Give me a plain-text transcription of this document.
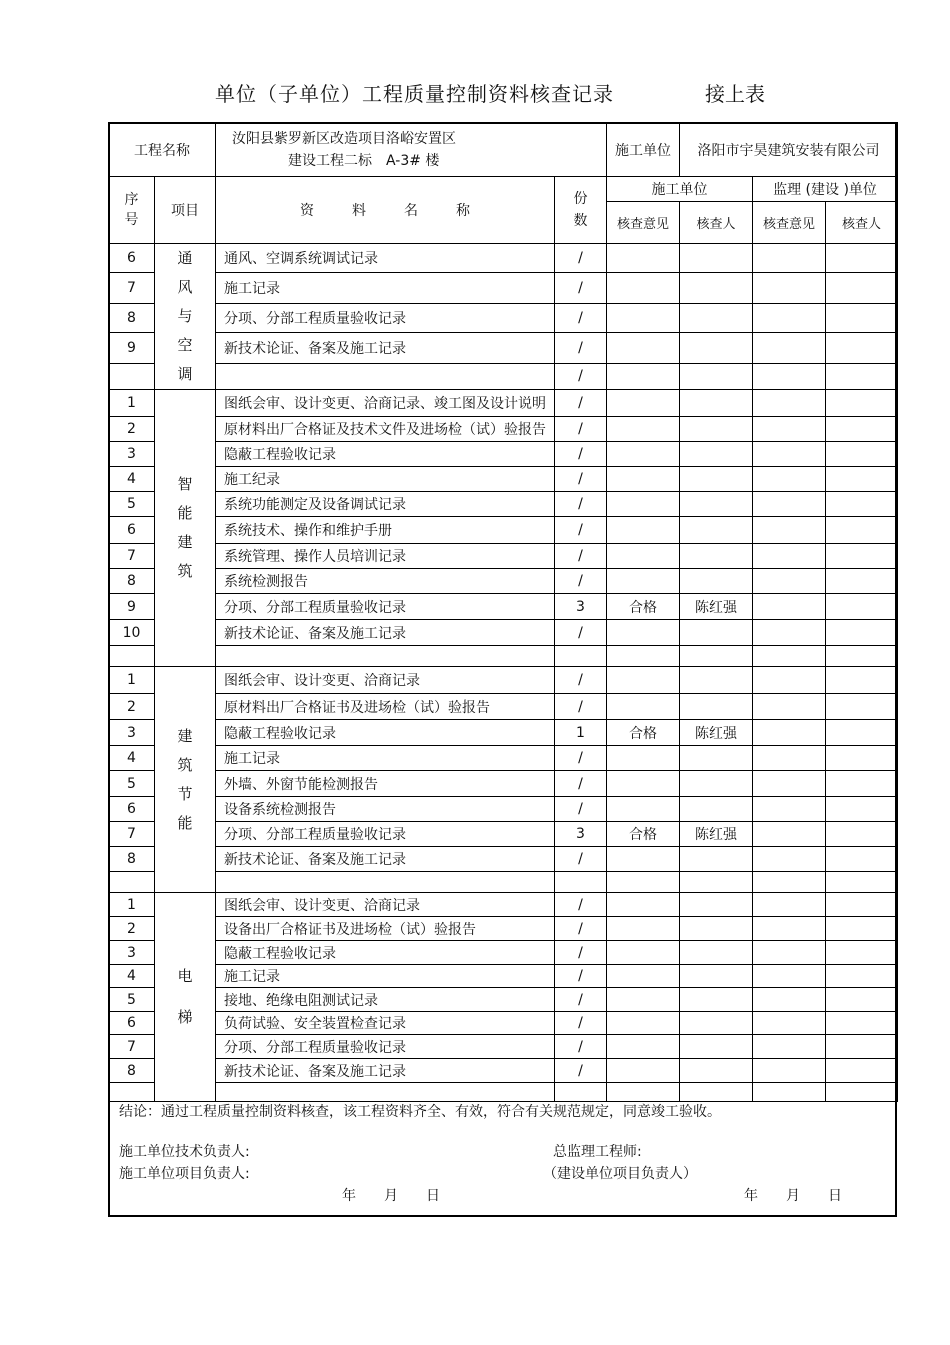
单位（子单位）工程质量控制资料核查记录	接上表
工程名称		汝阳县紫罗新区改造项目洛峪安置区
建设工程二标　A-3# 楼		施工单位	洛阳市宇昊建筑安装有限公司		
序号	项目	资 料 名 称	份数	施工单位		监理 (建设 )单位	
				核查意见	核查人	核查意见	核查人
6	通风与空调	通风、空调系统调试记录	/				
7		施工记录	/				
8		分项、分部工程质量验收记录	/				
9		新技术论证、备案及施工记录	/				
			/				
1	智能建筑	图纸会审、设计变更、洽商记录、竣工图及设计说明	/				
2		原材料出厂合格证及技术文件及进场检（试）验报告	/				
3		隐蔽工程验收记录	/				
4		施工纪录	/				
5		系统功能测定及设备调试记录	/				
6		系统技术、操作和维护手册	/				
7		系统管理、操作人员培训记录	/				
8		系统检测报告	/				
9		分项、分部工程质量验收记录	3	合格	陈红强		
10		新技术论证、备案及施工记录	/				

1	建筑节能	图纸会审、设计变更、洽商记录	/				
2		原材料出厂合格证书及进场检（试）验报告	/				
3		隐蔽工程验收记录	1	合格	陈红强		
4		施工记录	/				
5		外墙、外窗节能检测报告	/				
6		设备系统检测报告	/				
7		分项、分部工程质量验收记录	3	合格	陈红强		
8		新技术论证、备案及施工记录	/				

1	电梯	图纸会审、设计变更、洽商记录	/				
2		设备出厂合格证书及进场检（试）验报告	/				
3		隐蔽工程验收记录	/				
4		施工记录	/				
5		接地、绝缘电阻测试记录	/				
6		负荷试验、安全装置检查记录	/				
7		分项、分部工程质量验收记录	/				
8		新技术论证、备案及施工记录	/				

结论：通过工程质量控制资料核查，该工程资料齐全、有效，符合有关规范规定，同意竣工验收。
施工单位技术负责人:
施工单位项目负责人:
总监理工程师:
（建设单位项目负责人）
年 月 日	年 月 日
